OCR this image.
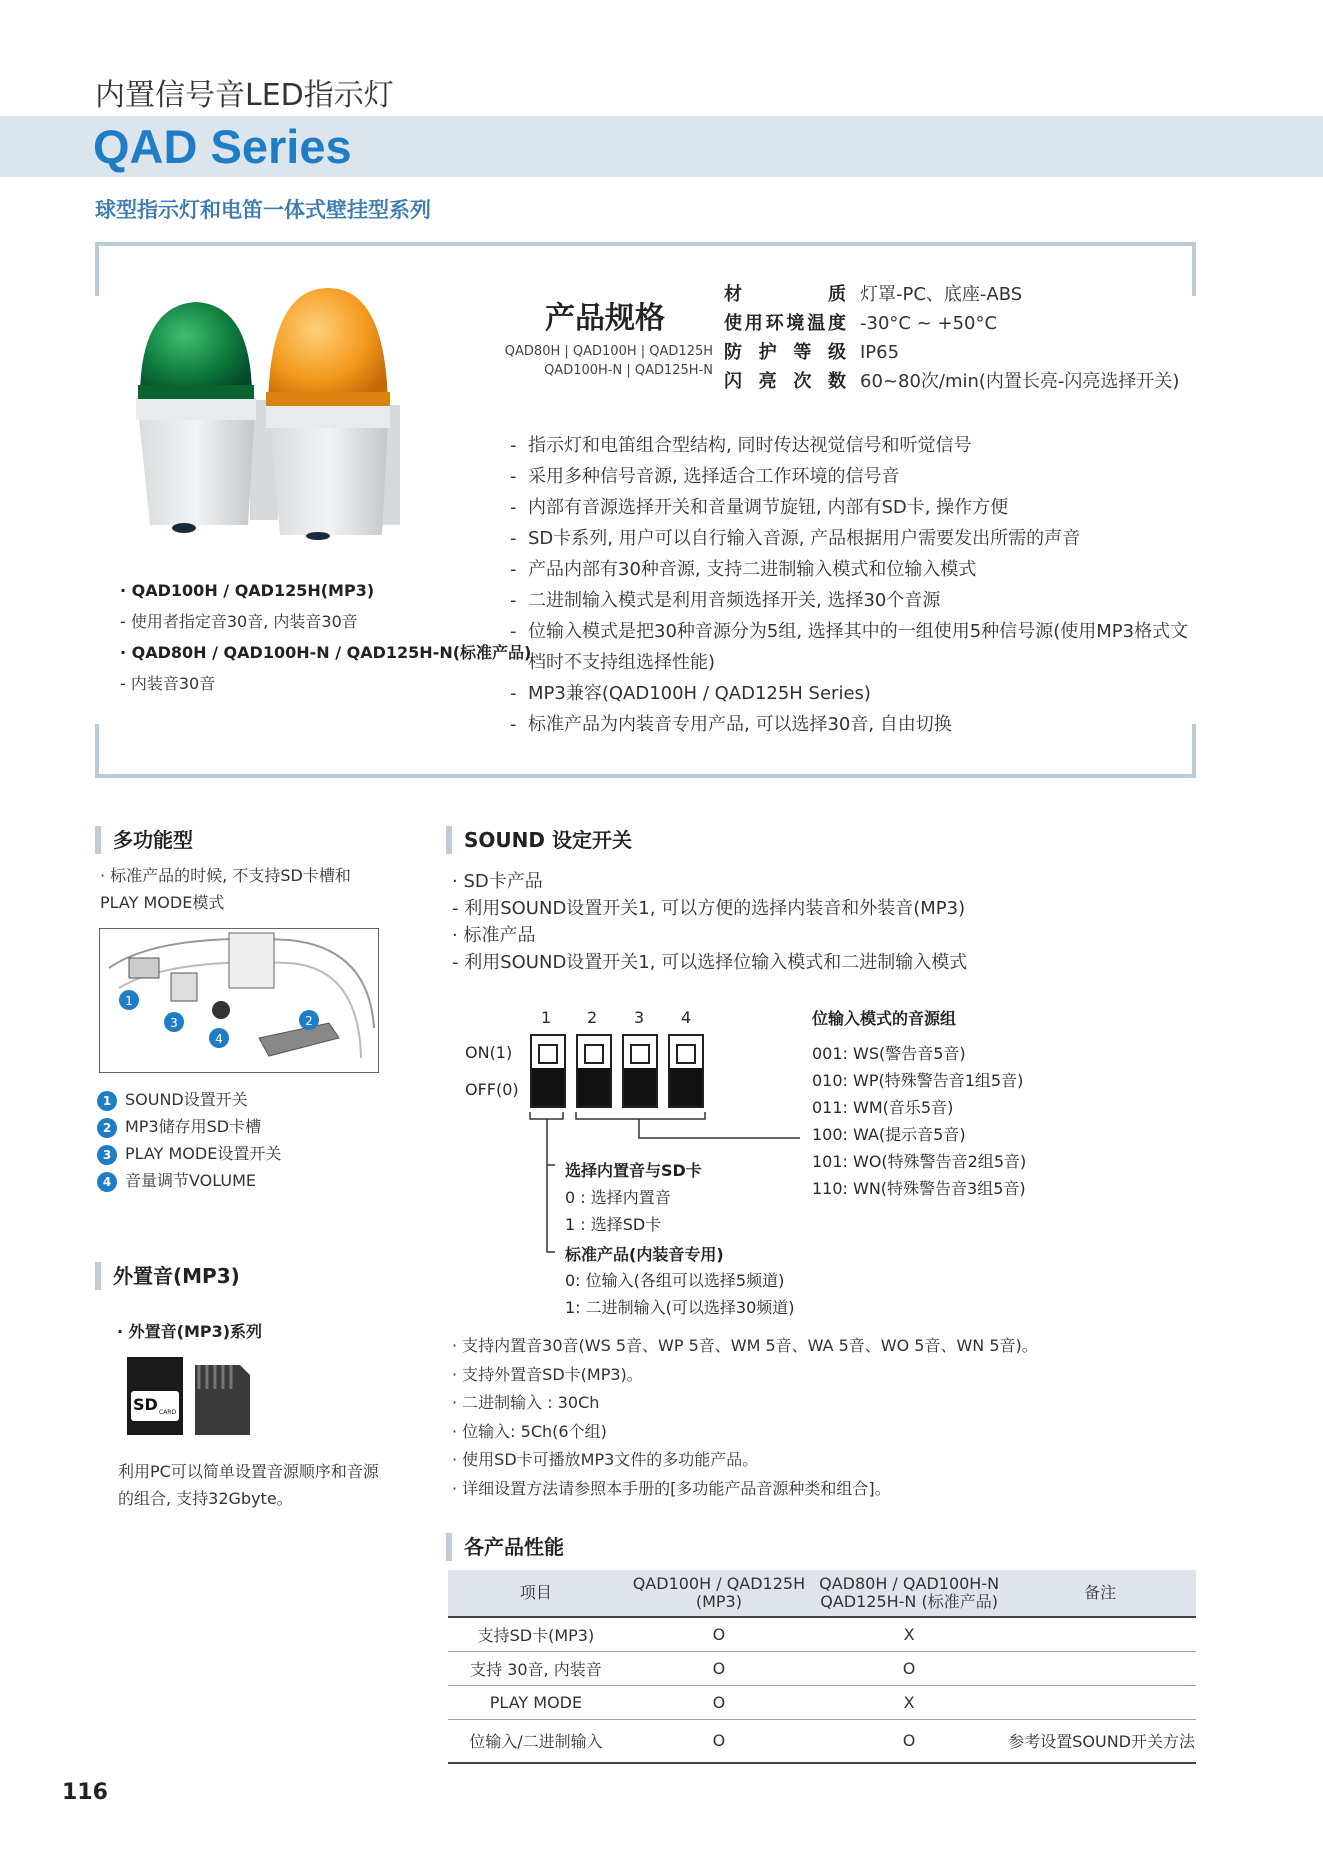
内置信号音LED指示灯
QAD Series
球型指示灯和电笛一体式壁挂型系列
产品规格
QAD80H | QAD100H | QAD125H
QAD100H-N | QAD125H-N
材质 灯罩-PC、底座-ABS
使用环境温度 -30°C ~ +50°C
防护等级 IP65
闪亮次数 60~80次/min(内置长亮-闪亮选择开关)
- 指示灯和电笛组合型结构, 同时传达视觉信号和听觉信号
- 采用多种信号音源, 选择适合工作环境的信号音
- 内部有音源选择开关和音量调节旋钮, 内部有SD卡, 操作方便
- SD卡系列, 用户可以自行输入音源, 产品根据用户需要发出所需的声音
- 产品内部有30种音源, 支持二进制输入模式和位输入模式
- 二进制输入模式是利用音频选择开关, 选择30个音源
- 位输入模式是把30种音源分为5组, 选择其中的一组使用5种信号源(使用MP3格式文档时不支持组选择性能)
- MP3兼容(QAD100H / QAD125H Series)
- 标准产品为内装音专用产品, 可以选择30音, 自由切换
· QAD100H / QAD125H(MP3)
- 使用者指定音30音, 内装音30音
· QAD80H / QAD100H-N / QAD125H-N(标准产品)
- 内装音30音
多功能型
· 标准产品的时候, 不支持SD卡槽和 PLAY MODE模式
1
2
3
4
1 SOUND设置开关
2 MP3储存用SD卡槽
3 PLAY MODE设置开关
4 音量调节VOLUME
外置音(MP3)
· 外置音(MP3)系列
SD CARD
利用PC可以简单设置音源顺序和音源的组合, 支持32Gbyte。
SOUND 设定开关
· SD卡产品
- 利用SOUND设置开关1, 可以方便的选择内装音和外装音(MP3)
· 标准产品
- 利用SOUND设置开关1, 可以选择位输入模式和二进制输入模式
1 2 3 4
ON(1)
OFF(0)
选择内置音与SD卡
0 : 选择内置音
1 : 选择SD卡
标准产品(内装音专用)
0: 位输入(各组可以选择5频道)
1: 二进制输入(可以选择30频道)
位输入模式的音源组
001: WS(警告音5音)
010: WP(特殊警告音1组5音)
011: WM(音乐5音)
100: WA(提示音5音)
101: WO(特殊警告音2组5音)
110: WN(特殊警告音3组5音)
· 支持内置音30音(WS 5音、WP 5音、WM 5音、WA 5音、WO 5音、WN 5音)。
· 支持外置音SD卡(MP3)。
· 二进制输入 : 30Ch
· 位输入: 5Ch(6个组)
· 使用SD卡可播放MP3文件的多功能产品。
· 详细设置方法请参照本手册的[多功能产品音源种类和组合]。
各产品性能
项目	QAD100H / QAD125H (MP3)	QAD80H / QAD100H-N QAD125H-N (标准产品)	备注
支持SD卡(MP3)	O	X	
支持 30音, 内装音	O	O	
PLAY MODE	O	X	
位输入/二进制输入	O	O	参考设置SOUND开关方法
116
